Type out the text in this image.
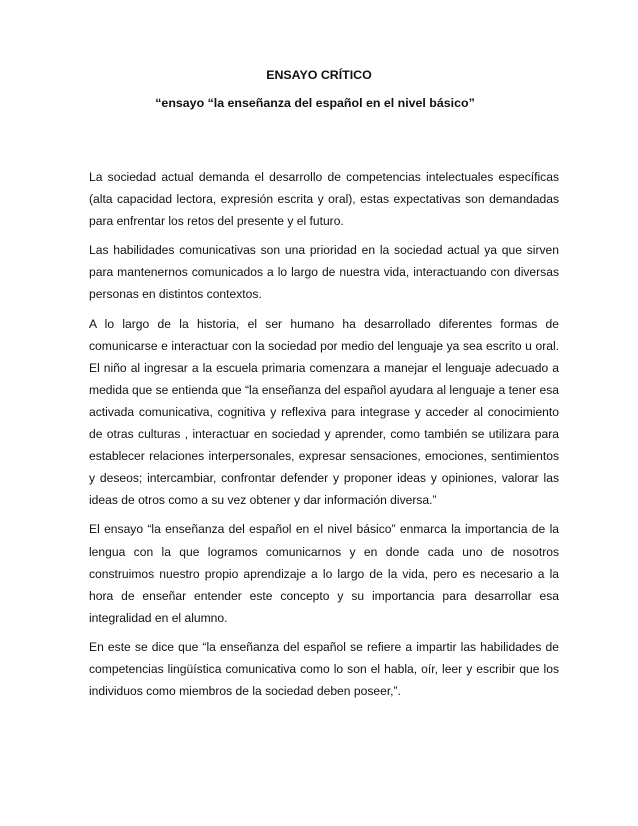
ENSAYO CRÍTICO
“ensayo “la enseñanza del español en el nivel básico”

La sociedad actual demanda el desarrollo de competencias intelectuales específicas (alta capacidad lectora, expresión escrita y oral), estas expectativas son demandadas para enfrentar los retos del presente y el futuro.

Las habilidades comunicativas son una prioridad en la sociedad actual ya que sirven para mantenernos comunicados a lo largo de nuestra vida, interactuando con diversas personas en distintos contextos.

A lo largo de la historia, el ser humano ha desarrollado diferentes formas de comunicarse e interactuar con la sociedad por medio del lenguaje ya sea escrito u oral. El niño al ingresar a la escuela primaria comenzara a manejar el lenguaje adecuado a medida que se entienda que “la enseñanza del español ayudara al lenguaje a tener esa activada comunicativa, cognitiva y reflexiva para integrase y acceder al conocimiento de otras culturas , interactuar en sociedad y aprender, como también se utilizara para establecer relaciones interpersonales, expresar sensaciones, emociones, sentimientos y deseos; intercambiar, confrontar defender y proponer ideas y opiniones, valorar las ideas de otros como a su vez obtener y dar información diversa.”

El ensayo “la enseñanza del español en el nivel básico” enmarca la importancia de la lengua con la que logramos comunicarnos y en donde cada uno de nosotros construimos nuestro propio aprendizaje a lo largo de la vida, pero es necesario a la hora de enseñar entender este concepto y su importancia para desarrollar esa integralidad en el alumno.

En este se dice que “la enseñanza del español se refiere a impartir las habilidades de competencias lingüística comunicativa como lo son el habla, oír, leer y escribir que los individuos como miembros de la sociedad deben poseer,”.
